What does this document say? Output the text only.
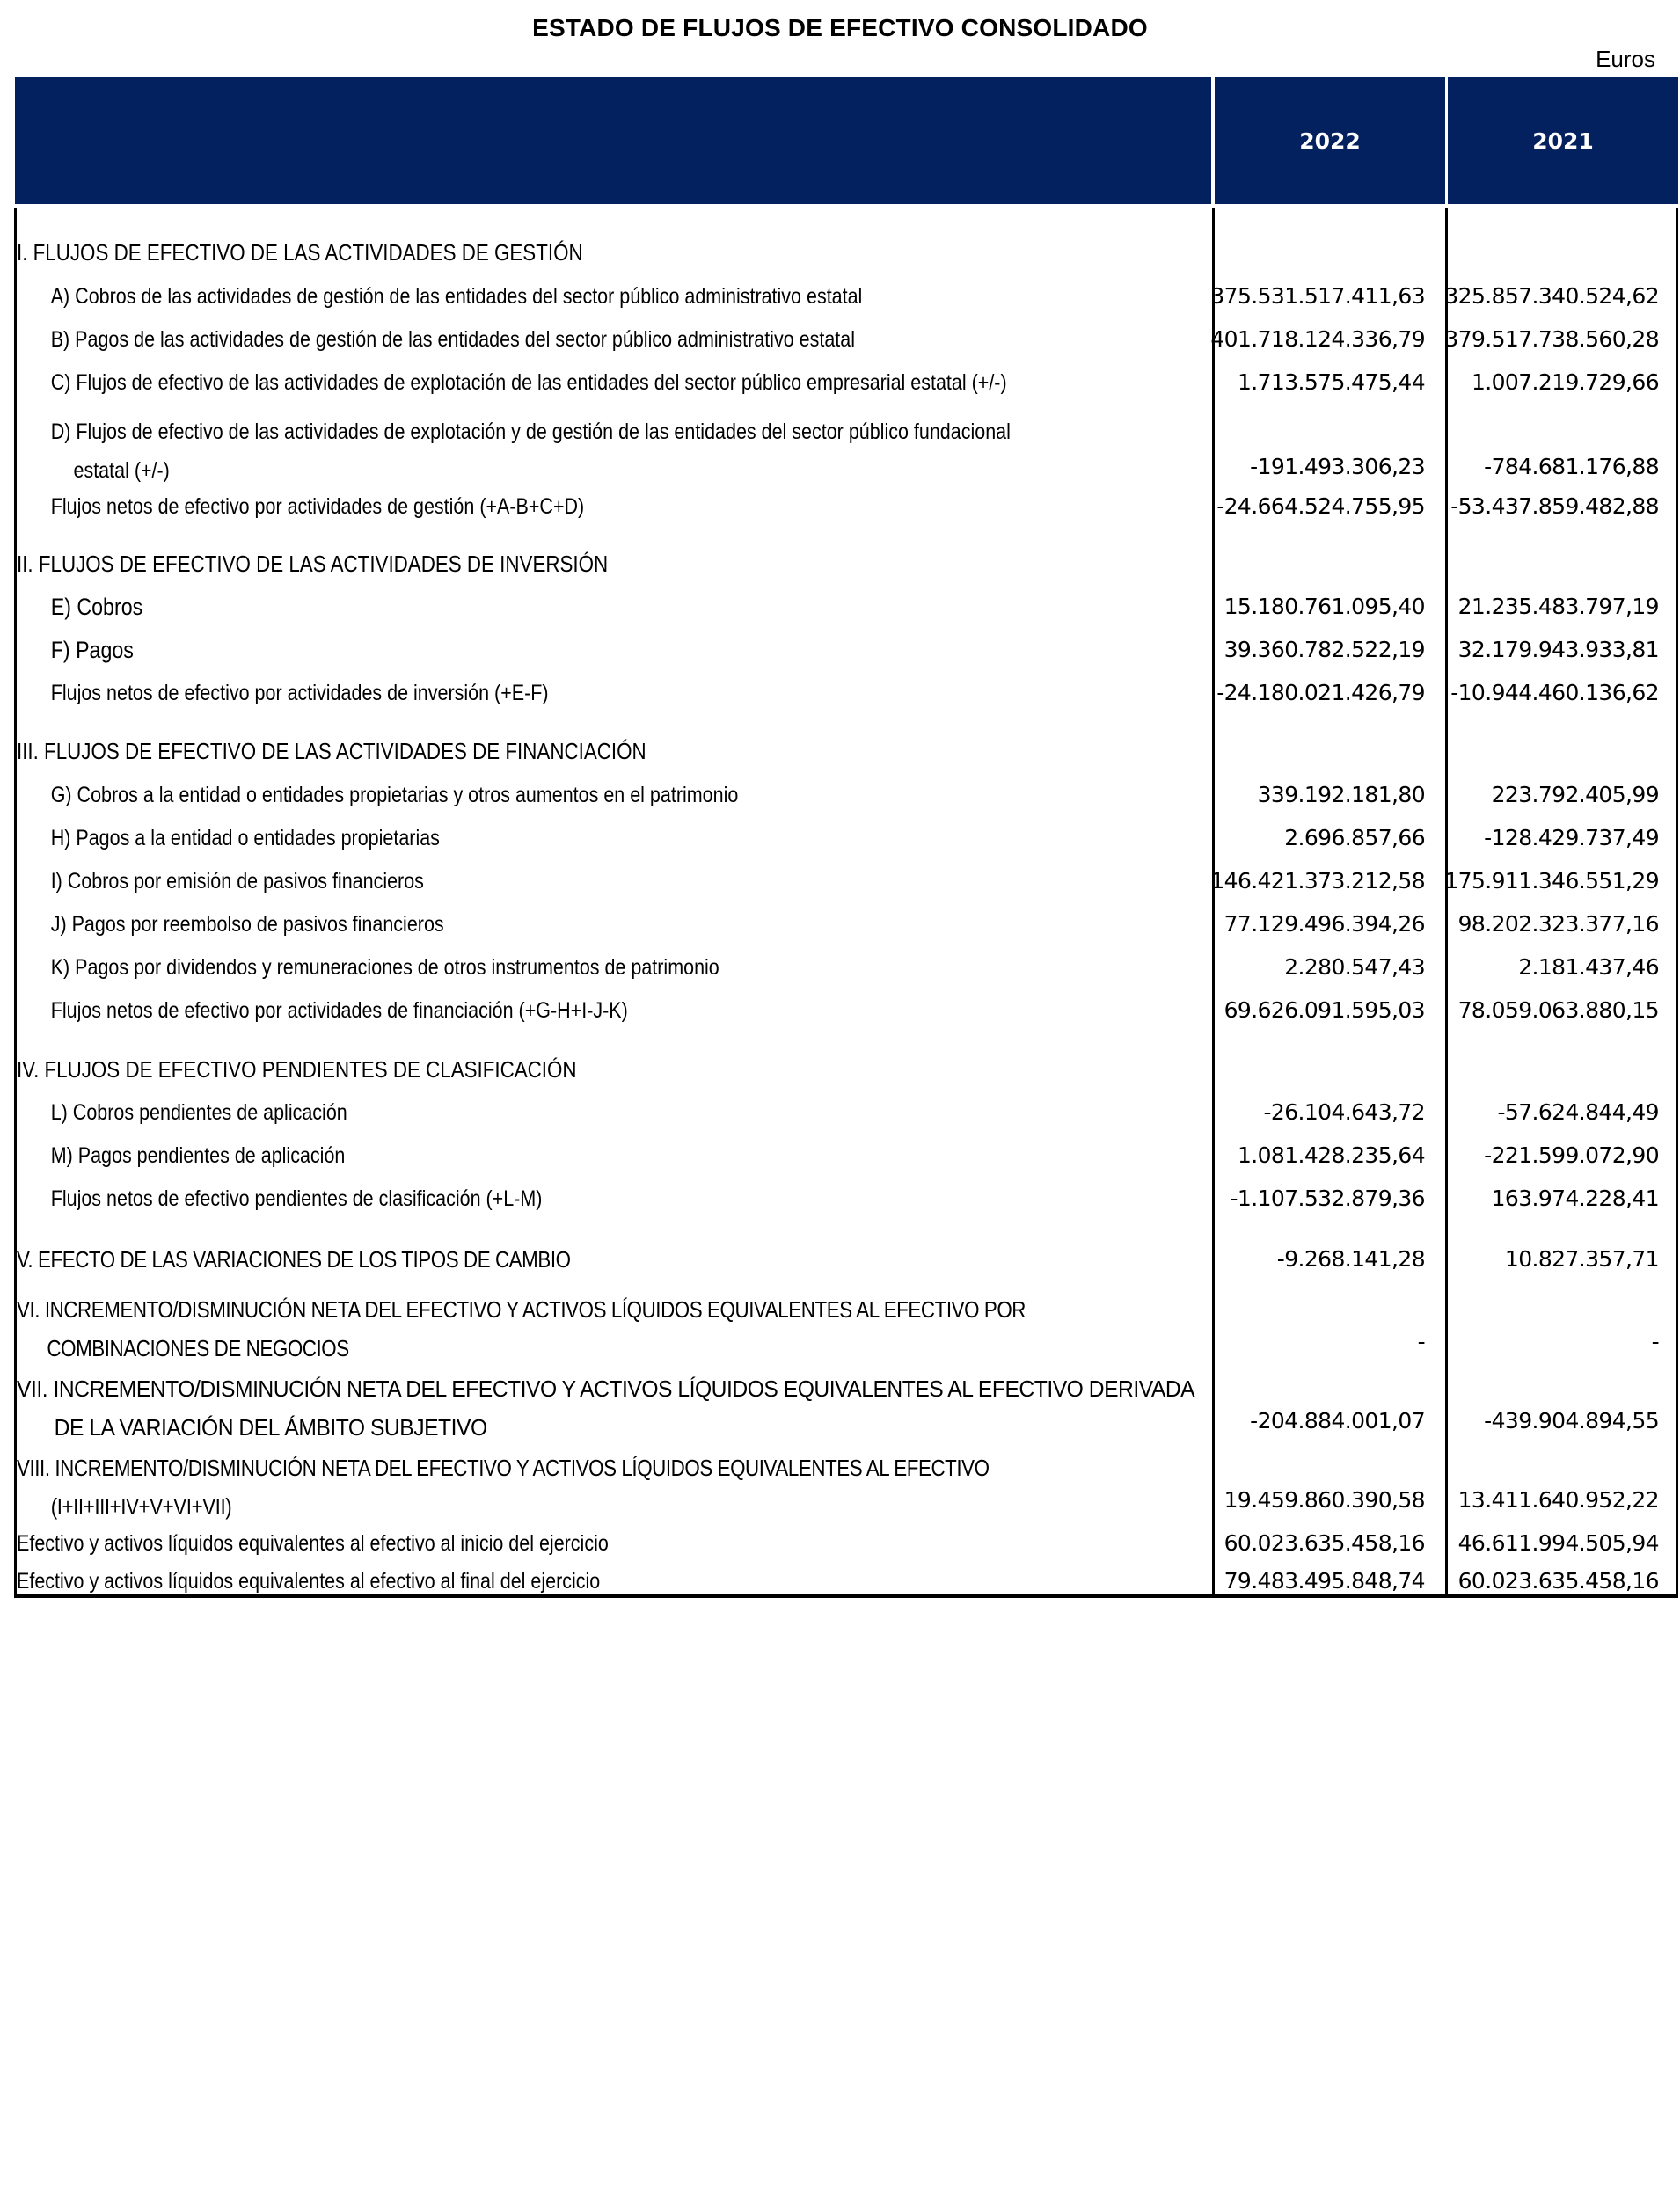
ESTADO DE FLUJOS DE EFECTIVO CONSOLIDADO
Euros
2022	2021
I. FLUJOS DE EFECTIVO DE LAS ACTIVIDADES DE GESTIÓN
A) Cobros de las actividades de gestión de las entidades del sector público administrativo estatal	375.531.517.411,63 325.857.340.524,62
B) Pagos de las actividades de gestión de las entidades del sector público administrativo estatal	401.718.124.336,79 379.517.738.560,28
C) Flujos de efectivo de las actividades de explotación de las entidades del sector público empresarial estatal (+/-)	1.713.575.475,44	1.007.219.729,66
D) Flujos de efectivo de las actividades de explotación y de gestión de las entidades del sector público fundacional
estatal (+/-)	-191.493.306,23	-784.681.176,88
Flujos netos de efectivo por actividades de gestión (+A-B+C+D)	-24.664.524.755,95	-53.437.859.482,88
II. FLUJOS DE EFECTIVO DE LAS ACTIVIDADES DE INVERSIÓN
E) Cobros	15.180.761.095,40	21.235.483.797,19
F) Pagos	39.360.782.522,19	32.179.943.933,81
Flujos netos de efectivo por actividades de inversión (+E-F)	-24.180.021.426,79	-10.944.460.136,62
III. FLUJOS DE EFECTIVO DE LAS ACTIVIDADES DE FINANCIACIÓN
G) Cobros a la entidad o entidades propietarias y otros aumentos en el patrimonio	339.192.181,80	223.792.405,99
H) Pagos a la entidad o entidades propietarias	2.696.857,66	-128.429.737,49
I) Cobros por emisión de pasivos financieros	146.421.373.212,58 175.911.346.551,29
J) Pagos por reembolso de pasivos financieros	77.129.496.394,26	98.202.323.377,16
K) Pagos por dividendos y remuneraciones de otros instrumentos de patrimonio	2.280.547,43	2.181.437,46
Flujos netos de efectivo por actividades de financiación (+G-H+I-J-K)	69.626.091.595,03	78.059.063.880,15
IV. FLUJOS DE EFECTIVO PENDIENTES DE CLASIFICACIÓN
L) Cobros pendientes de aplicación	-26.104.643,72	-57.624.844,49
M) Pagos pendientes de aplicación	1.081.428.235,64	-221.599.072,90
Flujos netos de efectivo pendientes de clasificación (+L-M)	-1.107.532.879,36	163.974.228,41
V. EFECTO DE LAS VARIACIONES DE LOS TIPOS DE CAMBIO	-9.268.141,28	10.827.357,71
VI. INCREMENTO/DISMINUCIÓN NETA DEL EFECTIVO Y ACTIVOS LÍQUIDOS EQUIVALENTES AL EFECTIVO POR
COMBINACIONES DE NEGOCIOS	-	-
VII. INCREMENTO/DISMINUCIÓN NETA DEL EFECTIVO Y ACTIVOS LÍQUIDOS EQUIVALENTES AL EFECTIVO DERIVADA
DE LA VARIACIÓN DEL ÁMBITO SUBJETIVO	-204.884.001,07	-439.904.894,55
VIII. INCREMENTO/DISMINUCIÓN NETA DEL EFECTIVO Y ACTIVOS LÍQUIDOS EQUIVALENTES AL EFECTIVO
(I+II+III+IV+V+VI+VII)	19.459.860.390,58	13.411.640.952,22
Efectivo y activos líquidos equivalentes al efectivo al inicio del ejercicio	60.023.635.458,16	46.611.994.505,94
Efectivo y activos líquidos equivalentes al efectivo al final del ejercicio	79.483.495.848,74	60.023.635.458,16
